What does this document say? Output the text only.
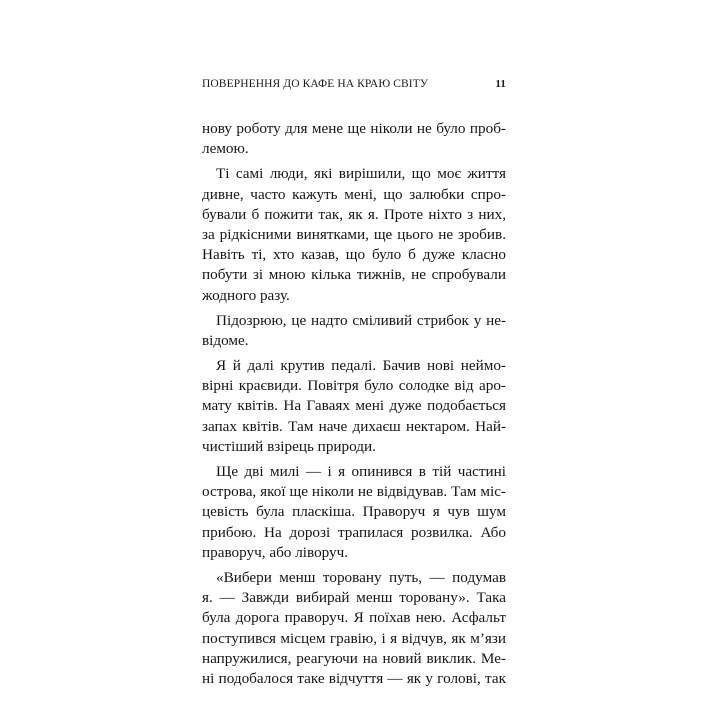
ПОВЕРНЕННЯ ДО КАФЕ НА КРАЮ СВІТУ	11
нову роботу для мене ще ніколи не було проб-
лемою.
Ті самі люди, які вирішили, що моє життя
дивне, часто кажуть мені, що залюбки спро-
бували б пожити так, як я. Проте ніхто з них,
за рідкісними винятками, ще цього не зробив.
Навіть ті, хто казав, що було б дуже класно
побути зі мною кілька тижнів, не спробували
жодного разу.
Підозрюю, це надто сміливий стрибок у не-
відоме.
Я й далі крутив педалі. Бачив нові неймо-
вірні краєвиди. Повітря було солодке від аро-
мату квітів. На Гаваях мені дуже подобається
запах квітів. Там наче дихаєш нектаром. Най-
чистіший взірець природи.
Ще дві милі — і я опинився в тій частині
острова, якої ще ніколи не відвідував. Там міс-
цевість була пласкіша. Праворуч я чув шум
прибою. На дорозі трапилася розвилка. Або
праворуч, або ліворуч.
«Вибери менш торовану путь, — подумав
я. — Завжди вибирай менш торовану». Така
була дорога праворуч. Я поїхав нею. Асфальт
поступився місцем гравію, і я відчув, як м’язи
напружилися, реагуючи на новий виклик. Ме-
ні подобалося таке відчуття — як у голові, так
